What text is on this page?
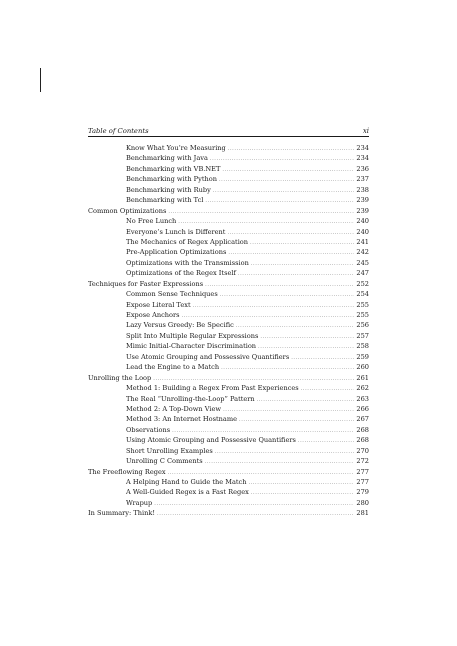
Table of Contents	xi
Know What You’re Measuring .....	234
Benchmarking with Java .....	234
Benchmarking with VB.NET .....	236
Benchmarking with Python .....	237
Benchmarking with Ruby .....	238
Benchmarking with Tcl .....	239
Common Optimizations .....	239
No Free Lunch .....	240
Everyone’s Lunch is Different .....	240
The Mechanics of Regex Application .....	241
Pre-Application Optimizations .....	242
Optimizations with the Transmission .....	245
Optimizations of the Regex Itself .....	247
Techniques for Faster Expressions .....	252
Common Sense Techniques .....	254
Expose Literal Text .....	255
Expose Anchors .....	255
Lazy Versus Greedy: Be Specific .....	256
Split Into Multiple Regular Expressions .....	257
Mimic Initial-Character Discrimination .....	258
Use Atomic Grouping and Possessive Quantifiers .....	259
Lead the Engine to a Match .....	260
Unrolling the Loop .....	261
Method 1: Building a Regex From Past Experiences .....	262
The Real “Unrolling-the-Loop” Pattern .....	263
Method 2: A Top-Down View .....	266
Method 3: An Internet Hostname .....	267
Observations .....	268
Using Atomic Grouping and Possessive Quantifiers .....	268
Short Unrolling Examples .....	270
Unrolling C Comments .....	272
The Freeflowing Regex .....	277
A Helping Hand to Guide the Match .....	277
A Well-Guided Regex is a Fast Regex .....	279
Wrapup .....	280
In Summary: Think! .....	281
